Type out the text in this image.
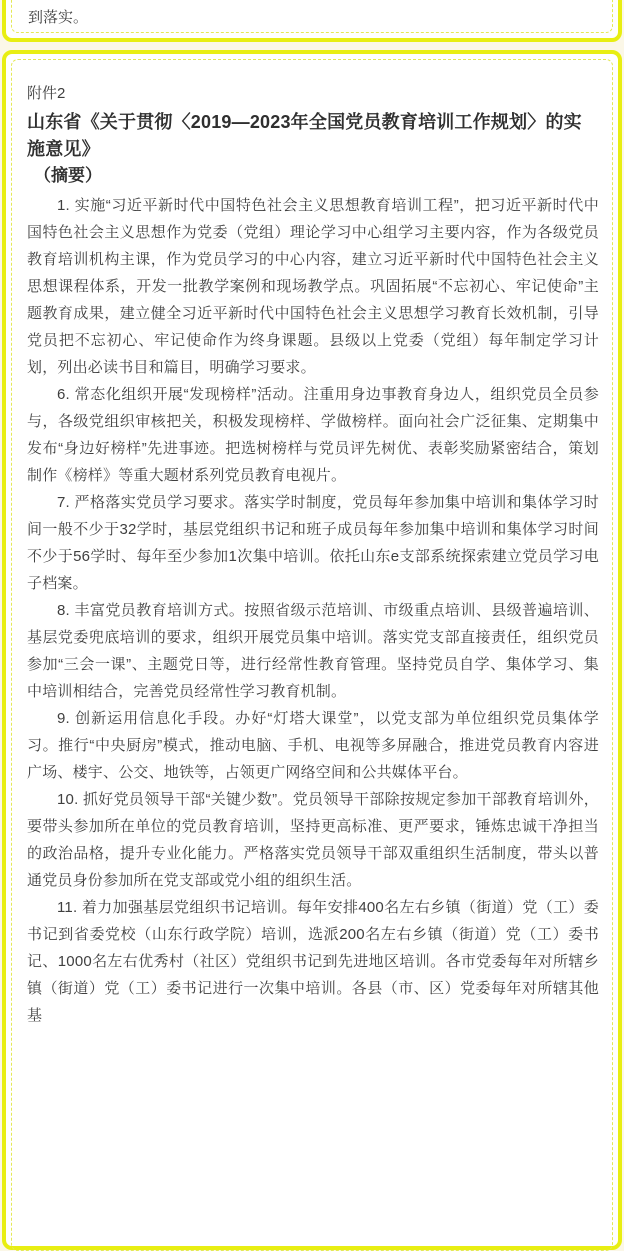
到落实。

附件2

山东省《关于贯彻〈2019—2023年全国党员教育培训工作规划〉的实施意见》
（摘要）

1. 实施“习近平新时代中国特色社会主义思想教育培训工程”，把习近平新时代中国特色社会主义思想作为党委（党组）理论学习中心组学习主要内容，作为各级党员教育培训机构主课，作为党员学习的中心内容，建立习近平新时代中国特色社会主义思想课程体系，开发一批教学案例和现场教学点。巩固拓展“不忘初心、牢记使命”主题教育成果，建立健全习近平新时代中国特色社会主义思想学习教育长效机制，引导党员把不忘初心、牢记使命作为终身课题。县级以上党委（党组）每年制定学习计划，列出必读书目和篇目，明确学习要求。

6. 常态化组织开展“发现榜样”活动。注重用身边事教育身边人，组织党员全员参与，各级党组织审核把关，积极发现榜样、学做榜样。面向社会广泛征集、定期集中发布“身边好榜样”先进事迹。把选树榜样与党员评先树优、表彰奖励紧密结合，策划制作《榜样》等重大题材系列党员教育电视片。

7. 严格落实党员学习要求。落实学时制度，党员每年参加集中培训和集体学习时间一般不少于32学时，基层党组织书记和班子成员每年参加集中培训和集体学习时间不少于56学时、每年至少参加1次集中培训。依托山东e支部系统探索建立党员学习电子档案。

8. 丰富党员教育培训方式。按照省级示范培训、市级重点培训、县级普遍培训、基层党委兜底培训的要求，组织开展党员集中培训。落实党支部直接责任，组织党员参加“三会一课”、主题党日等，进行经常性教育管理。坚持党员自学、集体学习、集中培训相结合，完善党员经常性学习教育机制。

9. 创新运用信息化手段。办好“灯塔大课堂”，以党支部为单位组织党员集体学习。推行“中央厨房”模式，推动电脑、手机、电视等多屏融合，推进党员教育内容进广场、楼宇、公交、地铁等，占领更广网络空间和公共媒体平台。

10. 抓好党员领导干部“关键少数”。党员领导干部除按规定参加干部教育培训外，要带头参加所在单位的党员教育培训，坚持更高标准、更严要求，锤炼忠诚干净担当的政治品格，提升专业化能力。严格落实党员领导干部双重组织生活制度，带头以普通党员身份参加所在党支部或党小组的组织生活。

11. 着力加强基层党组织书记培训。每年安排400名左右乡镇（街道）党（工）委书记到省委党校（山东行政学院）培训，选派200名左右乡镇（街道）党（工）委书记、1000名左右优秀村（社区）党组织书记到先进地区培训。各市党委每年对所辖乡镇（街道）党（工）委书记进行一次集中培训。各县（市、区）党委每年对所辖其他基
